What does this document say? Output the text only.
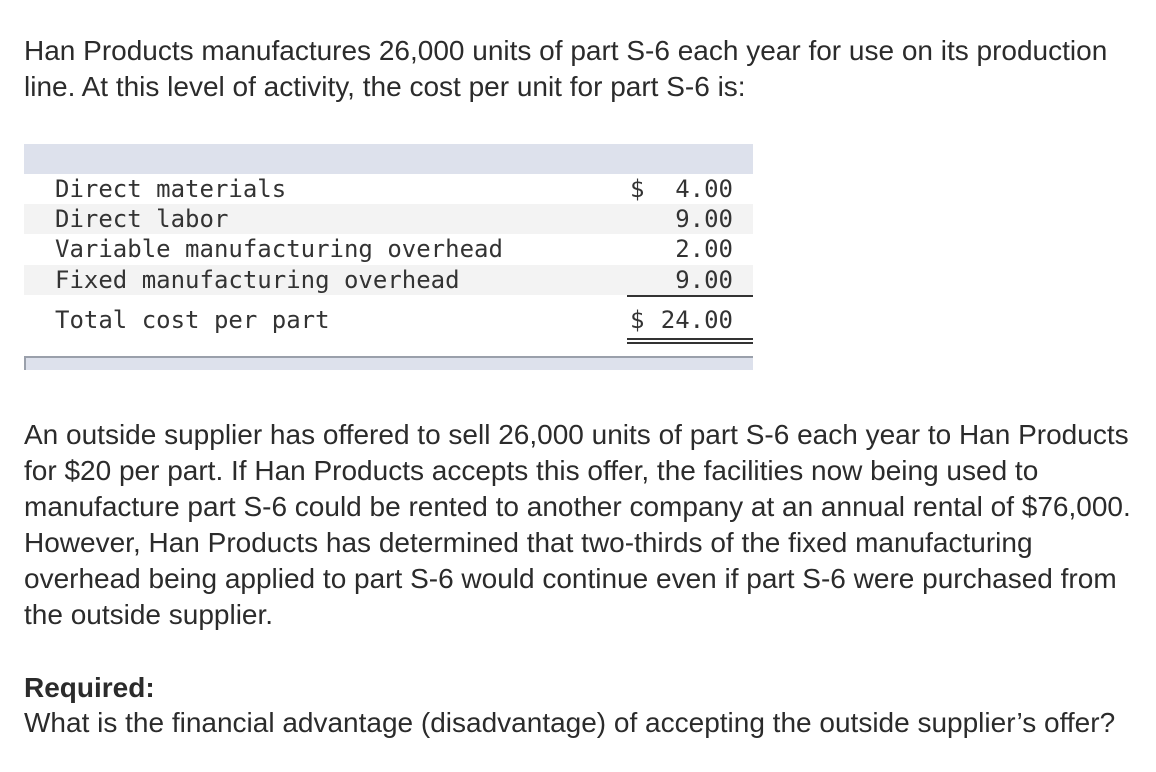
Han Products manufactures 26,000 units of part S-6 each year for use on its production line. At this level of activity, the cost per unit for part S-6 is:

Direct materials	$ 4.00
Direct labor	9.00
Variable manufacturing overhead	2.00
Fixed manufacturing overhead	9.00
Total cost per part	$ 24.00

An outside supplier has offered to sell 26,000 units of part S-6 each year to Han Products for $20 per part. If Han Products accepts this offer, the facilities now being used to manufacture part S-6 could be rented to another company at an annual rental of $76,000. However, Han Products has determined that two-thirds of the fixed manufacturing overhead being applied to part S-6 would continue even if part S-6 were purchased from the outside supplier.

Required:

What is the financial advantage (disadvantage) of accepting the outside supplier’s offer?
